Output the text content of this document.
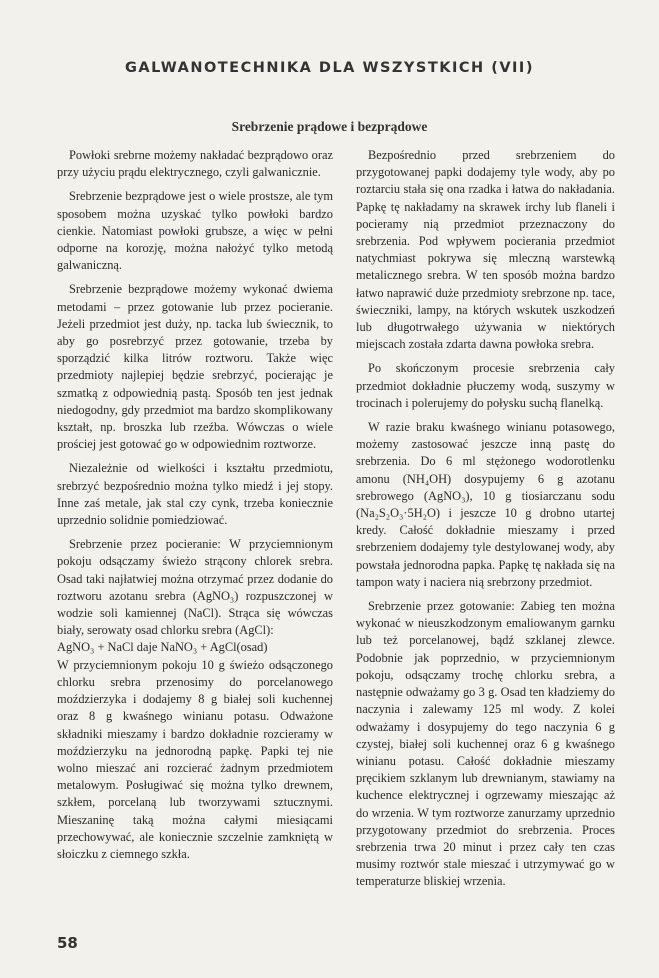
GALWANOTECHNIKA DLA WSZYSTKICH (VII)
Srebrzenie prądowe i bezprądowe

Powłoki srebrne możemy nakładać bezprądowo oraz przy użyciu prądu elektrycznego, czyli galwanicznie.

Srebrzenie bezprądowe jest o wiele prostsze, ale tym sposobem można uzyskać tylko powłoki bardzo cienkie. Natomiast powłoki grubsze, a więc w pełni odporne na korozję, można nałożyć tylko metodą galwaniczną.

Srebrzenie bezprądowe możemy wykonać dwiema metodami – przez gotowanie lub przez pocieranie. Jeżeli przedmiot jest duży, np. tacka lub świecznik, to aby go posrebrzyć przez gotowanie, trzeba by sporządzić kilka litrów roztworu. Także więc przedmioty najlepiej będzie srebrzyć, pocierając je szmatką z odpowiednią pastą. Sposób ten jest jednak niedogodny, gdy przedmiot ma bardzo skomplikowany kształt, np. broszka lub rzeźba. Wówczas o wiele prościej jest gotować go w odpowiednim roztworze.

Niezależnie od wielkości i kształtu przedmiotu, srebrzyć bezpośrednio można tylko miedź i jej stopy. Inne zaś metale, jak stal czy cynk, trzeba koniecznie uprzednio solidnie pomiedziować.

Srebrzenie przez pocieranie: W przyciemnionym pokoju odsączamy świeżo strącony chlorek srebra. Osad taki najłatwiej można otrzymać przez dodanie do roztworu azotanu srebra (AgNO₃) rozpuszczonej w wodzie soli kamiennej (NaCl). Strąca się wówczas biały, serowaty osad chlorku srebra (AgCl):

AgNO₃ + NaCl daje NaNO₃ + AgCl(osad)

W przyciemnionym pokoju 10 g świeżo odsączonego chlorku srebra przenosimy do porcelanowego moździerzyka i dodajemy 8 g białej soli kuchennej oraz 8 g kwaśnego winianu potasu. Odważone składniki mieszamy i bardzo dokładnie rozcieramy w moździerzyku na jednorodną papkę. Papki tej nie wolno mieszać ani rozcierać żadnym przedmiotem metalowym. Posługiwać się można tylko drewnem, szkłem, porcelaną lub tworzywami sztucznymi. Mieszaninę taką można całymi miesiącami przechowywać, ale koniecznie szczelnie zamkniętą w słoiczku z ciemnego szkła.

Bezpośrednio przed srebrzeniem do przygotowanej papki dodajemy tyle wody, aby po roztarciu stała się ona rzadka i łatwa do nakładania. Papkę tę nakładamy na skrawek irchy lub flaneli i pocieramy nią przedmiot przeznaczony do srebrzenia. Pod wpływem pocierania przedmiot natychmiast pokrywa się mleczną warstewką metalicznego srebra. W ten sposób można bardzo łatwo naprawić duże przedmioty srebrzone np. tace, świeczniki, lampy, na których wskutek uszkodzeń lub długotrwałego używania w niektórych miejscach została zdarta dawna powłoka srebra.

Po skończonym procesie srebrzenia cały przedmiot dokładnie płuczemy wodą, suszymy w trocinach i polerujemy do połysku suchą flanelką.

W razie braku kwaśnego winianu potasowego, możemy zastosować jeszcze inną pastę do srebrzenia. Do 6 ml stężonego wodorotlenku amonu (NH₄OH) dosypujemy 6 g azotanu srebrowego (AgNO₃), 10 g tiosiarczanu sodu (Na₂S₂O₃·5H₂O) i jeszcze 10 g drobno utartej kredy. Całość dokładnie mieszamy i przed srebrzeniem dodajemy tyle destylowanej wody, aby powstała jednorodna papka. Papkę tę nakłada się na tampon waty i naciera nią srebrzony przedmiot.

Srebrzenie przez gotowanie: Zabieg ten można wykonać w nieuszkodzonym emaliowanym garnku lub też porcelanowej, bądź szklanej zlewce. Podobnie jak poprzednio, w przyciemnionym pokoju, odsączamy trochę chlorku srebra, a następnie odważamy go 3 g. Osad ten kładziemy do naczynia i zalewamy 125 ml wody. Z kolei odważamy i dosypujemy do tego naczynia 6 g czystej, białej soli kuchennej oraz 6 g kwaśnego winianu potasu. Całość dokładnie mieszamy pręcikiem szklanym lub drewnianym, stawiamy na kuchence elektrycznej i ogrzewamy mieszając aż do wrzenia. W tym roztworze zanurzamy uprzednio przygotowany przedmiot do srebrzenia. Proces srebrzenia trwa 20 minut i przez cały ten czas musimy roztwór stale mieszać i utrzymywać go w temperaturze bliskiej wrzenia.

58
